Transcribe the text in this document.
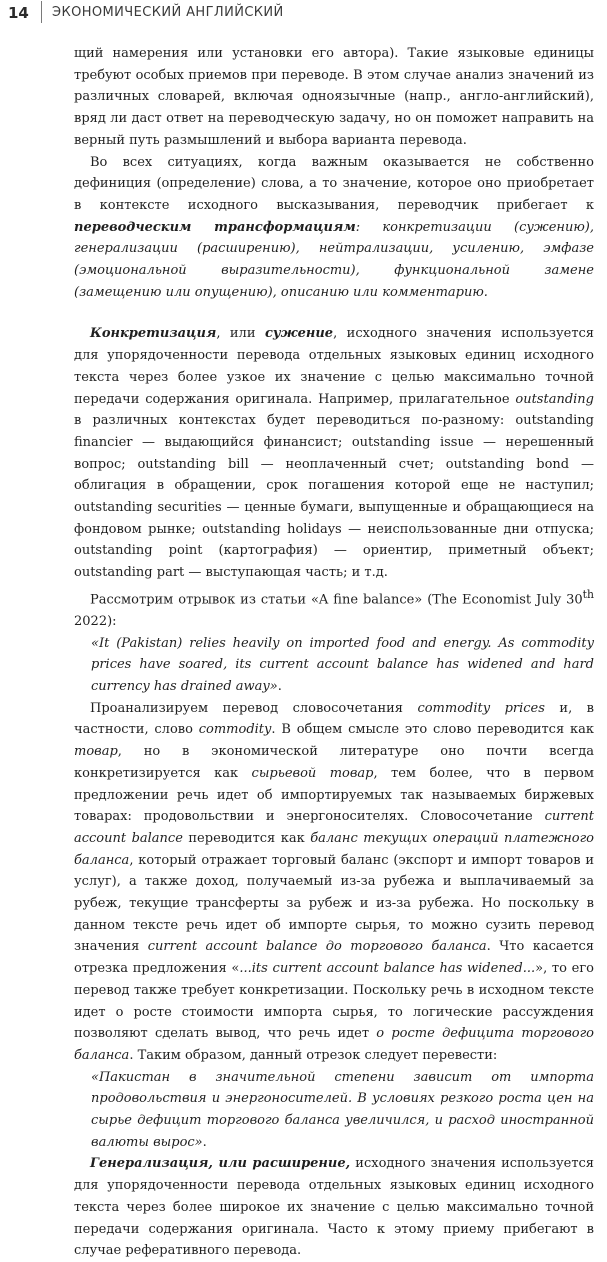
14 ЭКОНОМИЧЕСКИЙ АНГЛИЙСКИЙ

щий намерения или установки его автора). Такие языковые единицы требуют особых приемов при переводе. В этом случае анализ значений из различных словарей, включая одноязычные (напр., англо-английский), вряд ли даст ответ на переводческую задачу, но он поможет направить на верный путь размышлений и выбора варианта перевода.

Во всех ситуациях, когда важным оказывается не собственно дефиниция (определение) слова, а то значение, которое оно приобретает в контексте исходного высказывания, переводчик прибегает к переводческим трансформациям: конкретизации (сужению), генерализации (расширению), нейтрализации, усилению, эмфазе (эмоциональной выразительности), функциональной замене (замещению или опущению), описанию или комментарию.

Конкретизация, или сужение, исходного значения используется для упорядоченности перевода отдельных языковых единиц исходного текста через более узкое их значение с целью максимально точной передачи содержания оригинала. Например, прилагательное outstanding в различных контекстах будет переводиться по-разному: outstanding financier — выдающийся финансист; outstanding issue — нерешенный вопрос; outstanding bill — неоплаченный счет; outstanding bond — облигация в обращении, срок погашения которой еще не наступил; outstanding securities — ценные бумаги, выпущенные и обращающиеся на фондовом рынке; outstanding holidays — неиспользованные дни отпуска; outstanding point (картография) — ориентир, приметный объект; outstanding part — выступающая часть; и т.д.

Рассмотрим отрывок из статьи «A fine balance» (The Economist July 30th 2022):

«It (Pakistan) relies heavily on imported food and energy. As commodity prices have soared, its current account balance has widened and hard currency has drained away».

Проанализируем перевод словосочетания commodity prices и, в частности, слово commodity. В общем смысле это слово переводится как товар, но в экономической литературе оно почти всегда конкретизируется как сырьевой товар, тем более, что в первом предложении речь идет об импортируемых так называемых биржевых товарах: продовольствии и энергоносителях. Словосочетание current account balance переводится как баланс текущих операций платежного баланса, который отражает торговый баланс (экспорт и импорт товаров и услуг), а также доход, получаемый из-за рубежа и выплачиваемый за рубеж, текущие трансферты за рубеж и из-за рубежа. Но поскольку в данном тексте речь идет об импорте сырья, то можно сузить перевод значения current account balance до торгового баланса. Что касается отрезка предложения «...its current account balance has widened...», то его перевод также требует конкретизации. Поскольку речь в исходном тексте идет о росте стоимости импорта сырья, то логические рассуждения позволяют сделать вывод, что речь идет о росте дефицита торгового баланса. Таким образом, данный отрезок следует перевести:

«Пакистан в значительной степени зависит от импорта продовольствия и энергоносителей. В условиях резкого роста цен на сырье дефицит торгового баланса увеличился, и расход иностранной валюты вырос».

Генерализация, или расширение, исходного значения используется для упорядоченности перевода отдельных языковых единиц исходного текста через более широкое их значение с целью максимально точной передачи содержания оригинала. Часто к этому приему прибегают в случае реферативного перевода.
